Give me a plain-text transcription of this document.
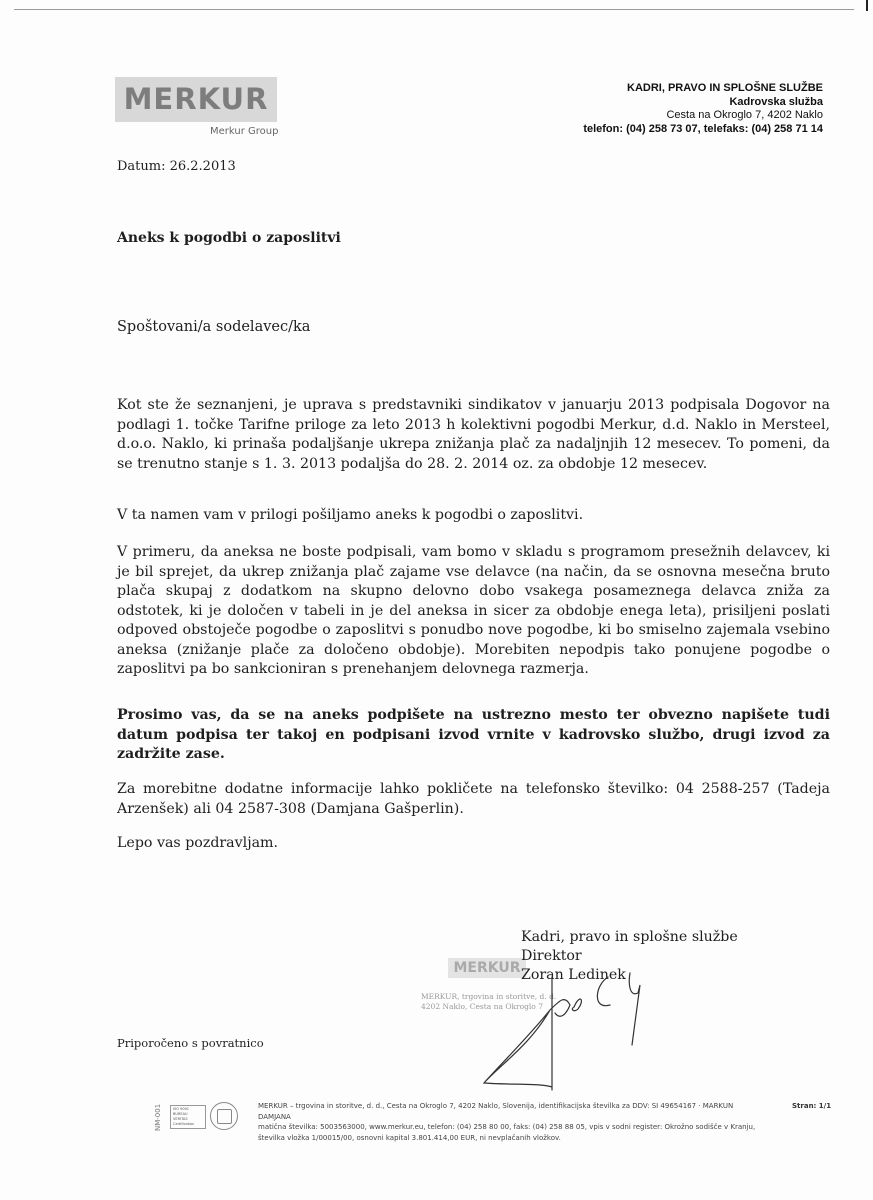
MERKUR
Merkur Group
KADRI, PRAVO IN SPLOŠNE SLUŽBE
Kadrovska služba
Cesta na Okroglo 7, 4202 Naklo
telefon: (04) 258 73 07, telefaks: (04) 258 71 14
Datum: 26.2.2013
Aneks k pogodbi o zaposlitvi
Spoštovani/a sodelavec/ka
Kot ste že seznanjeni, je uprava s predstavniki sindikatov v januarju 2013 podpisala Dogovor na podlagi 1. točke Tarifne priloge za leto 2013 h kolektivni pogodbi Merkur, d.d. Naklo in Mersteel, d.o.o. Naklo, ki prinaša podaljšanje ukrepa znižanja plač za nadaljnjih 12 mesecev. To pomeni, da se trenutno stanje s 1. 3. 2013 podaljša do 28. 2. 2014 oz. za obdobje 12 mesecev.
V ta namen vam v prilogi pošiljamo aneks k pogodbi o zaposlitvi.
V primeru, da aneksa ne boste podpisali, vam bomo v skladu s programom presežnih delavcev, ki je bil sprejet, da ukrep znižanja plač zajame vse delavce (na način, da se osnovna mesečna bruto plača skupaj z dodatkom na skupno delovno dobo vsakega posameznega delavca zniža za odstotek, ki je določen v tabeli in je del aneksa in sicer za obdobje enega leta), prisiljeni poslati odpoved obstoječe pogodbe o zaposlitvi s ponudbo nove pogodbe, ki bo smiselno zajemala vsebino aneksa (znižanje plače za določeno obdobje). Morebiten nepodpis tako ponujene pogodbe o zaposlitvi pa bo sankcioniran s prenehanjem delovnega razmerja.
Prosimo vas, da se na aneks podpišete na ustrezno mesto ter obvezno napišete tudi datum podpisa ter takoj en podpisani izvod vrnite v kadrovsko službo, drugi izvod za zadržite zase.
Za morebitne dodatne informacije lahko pokličete na telefonsko številko: 04 2588-257 (Tadeja Arzenšek) ali 04 2587-308 (Damjana Gašperlin).
Lepo vas pozdravljam.
MERKUR
MERKUR, trgovina in storitve, d. d.
4202 Naklo, Cesta na Okroglo 7
Kadri, pravo in splošne službe
Direktor
Zoran Ledinek
Priporočeno s povratnico
NM-001	ISO 9001
BUREAU VERITAS
Certification
MERKUR – trgovina in storitve, d. d., Cesta na Okroglo 7, 4202 Naklo, Slovenija, identifikacijska številka za DDV: SI 49654167 · MARKUN DAMJANA
matična številka: 5003563000, www.merkur.eu, telefon: (04) 258 80 00, faks: (04) 258 88 05, vpis v sodni register: Okrožno sodišče v Kranju,
številka vložka 1/00015/00, osnovni kapital 3.801.414,00 EUR, ni nevplačanih vložkov.
Stran: 1/1
